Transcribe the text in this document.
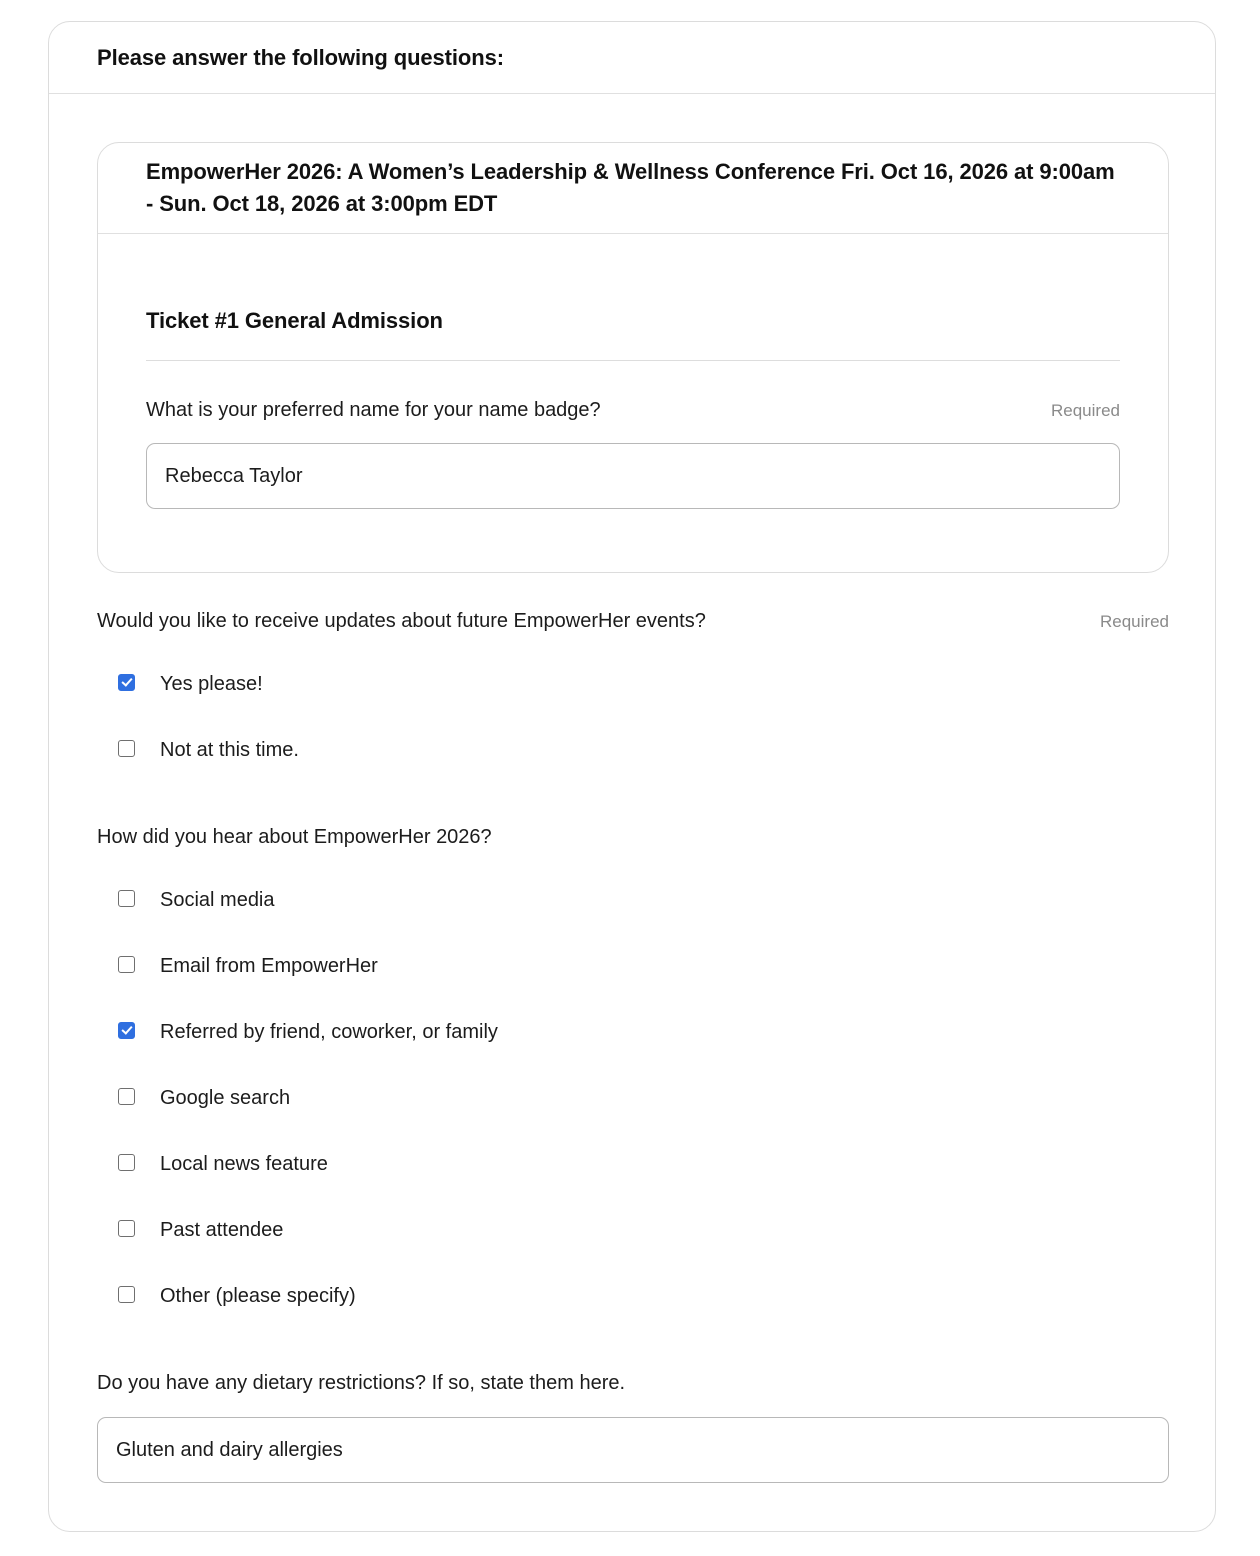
Please answer the following questions:
EmpowerHer 2026: A Women’s Leadership & Wellness Conference Fri. Oct 16, 2026 at 9:00am - Sun. Oct 18, 2026 at 3:00pm EDT
Ticket #1 General Admission
What is your preferred name for your name badge?	Required
Rebecca Taylor
Would you like to receive updates about future EmpowerHer events?	Required
Yes please!
Not at this time.
How did you hear about EmpowerHer 2026?
Social media
Email from EmpowerHer
Referred by friend, coworker, or family
Google search
Local news feature
Past attendee
Other (please specify)
Do you have any dietary restrictions? If so, state them here.
Gluten and dairy allergies
